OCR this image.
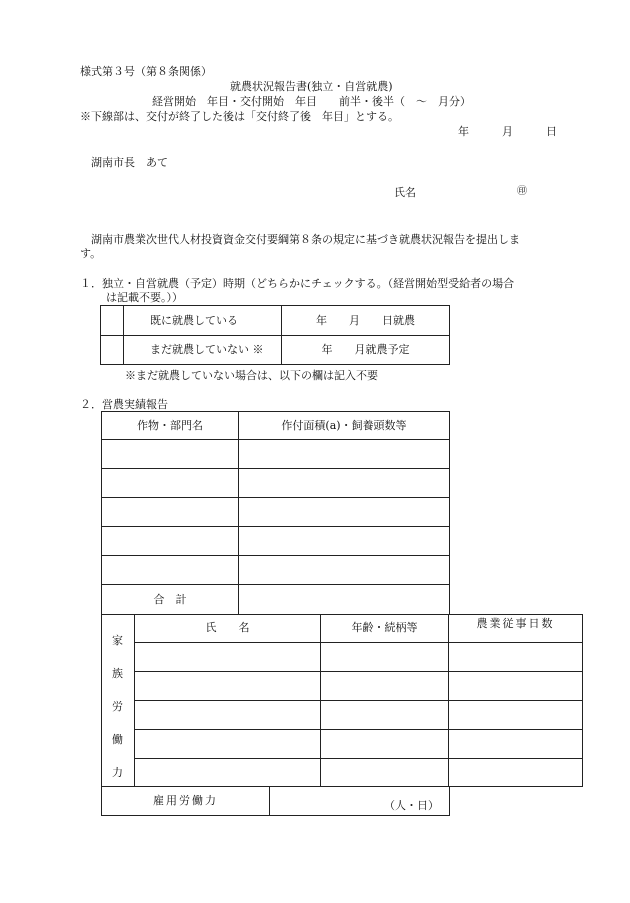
様式第３号（第８条関係）
就農状況報告書(独立・自営就農)
経営開始　年目・交付開始　年目　　前半・後半（　～　月分）
※下線部は、交付が終了した後は「交付終了後　年目」とする。
年　　　月　　　日
湖南市長　あて
氏名	㊞
湖南市農業次世代人材投資資金交付要綱第８条の規定に基づき就農状況報告を提出しま
す。
１．独立・自営就農（予定）時期（どちらかにチェックする。（経営開始型受給者の場合
は記載不要。））
	既に就農している	年　　月　　日就農
	まだ就農していない ※	年　　月就農予定
※まだ就農していない場合は、以下の欄は記入不要
２．営農実績報告
作物・部門名	作付面積(a)・飼養頭数等

合　計	
家
族
労
働
力
氏　　名	年齢・続柄等	農業従事日数

雇用労働力	（人・日）
